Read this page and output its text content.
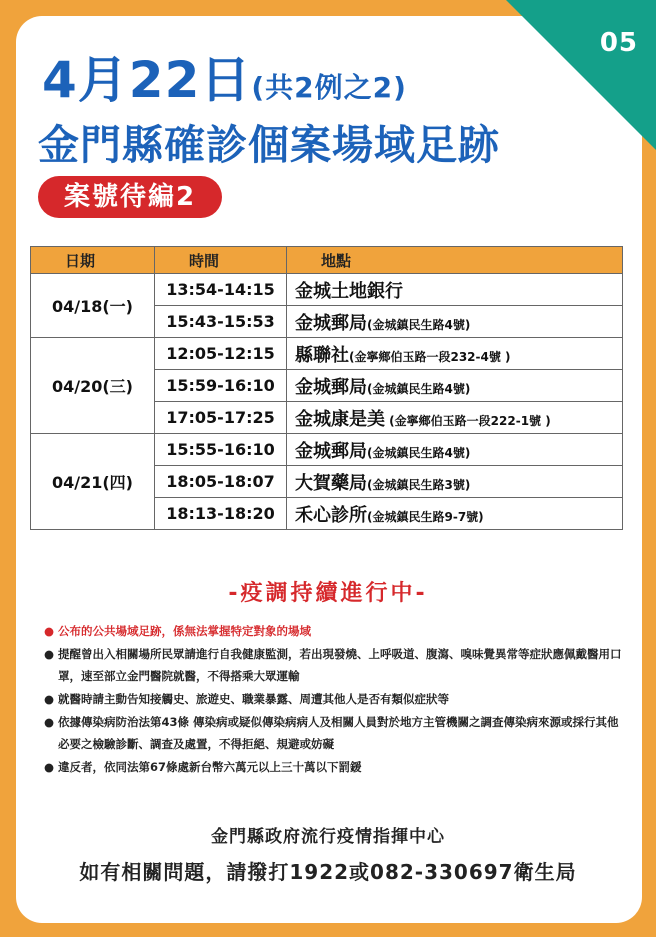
05
4月22日(共2例之2)
金門縣確診個案場域足跡
案號待編2
日期	時間	地點
04/18(一)	13:54-14:15	金城土地銀行
	15:43-15:53	金城郵局(金城鎮民生路4號)
04/20(三)	12:05-12:15	縣聯社(金寧鄉伯玉路一段232-4號 )
	15:59-16:10	金城郵局(金城鎮民生路4號)
	17:05-17:25	金城康是美 (金寧鄉伯玉路一段222-1號 )
04/21(四)	15:55-16:10	金城郵局(金城鎮民生路4號)
	18:05-18:07	大賀藥局(金城鎮民生路3號)
	18:13-18:20	禾心診所(金城鎮民生路9-7號)
-疫調持續進行中-
● 公布的公共場域足跡，係無法掌握特定對象的場域
● 提醒曾出入相關場所民眾請進行自我健康監測，若出現發燒、上呼吸道、腹瀉、嗅味覺異常等症狀應佩戴醫用口罩，速至部立金門醫院就醫，不得搭乘大眾運輸
● 就醫時請主動告知接觸史、旅遊史、職業暴露、周遭其他人是否有類似症狀等
● 依據傳染病防治法第43條 傳染病或疑似傳染病病人及相關人員對於地方主管機關之調查傳染病來源或採行其他必要之檢驗診斷、調查及處置，不得拒絕、規避或妨礙
● 違反者，依同法第67條處新台幣六萬元以上三十萬以下罰鍰
金門縣政府流行疫情指揮中心
如有相關問題，請撥打1922或082-330697衛生局
